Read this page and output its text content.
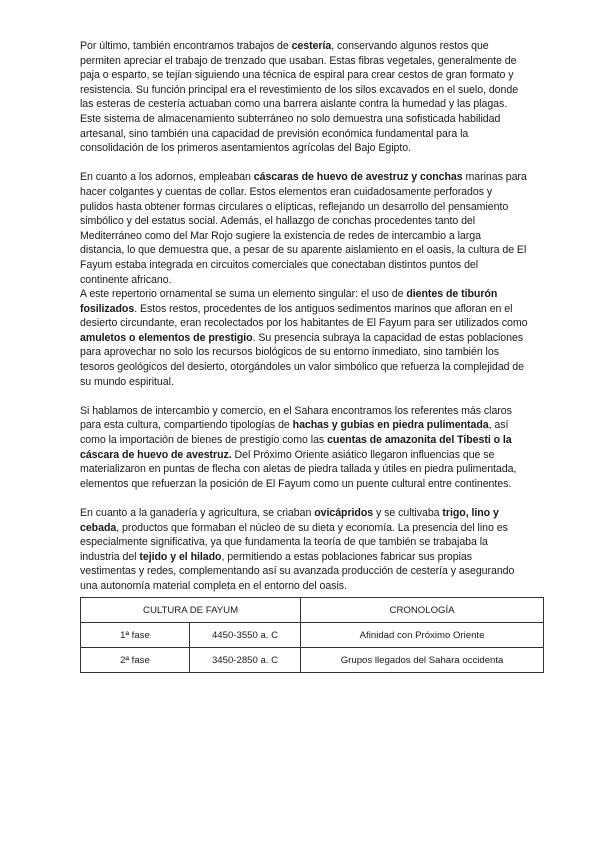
Por último, también encontramos trabajos de cestería, conservando algunos restos que permiten apreciar el trabajo de trenzado que usaban. Estas fibras vegetales, generalmente de paja o esparto, se tejían siguiendo una técnica de espiral para crear cestos de gran formato y resistencia. Su función principal era el revestimiento de los silos excavados en el suelo, donde las esteras de cestería actuaban como una barrera aislante contra la humedad y las plagas. Este sistema de almacenamiento subterráneo no solo demuestra una sofisticada habilidad artesanal, sino también una capacidad de previsión económica fundamental para la consolidación de los primeros asentamientos agrícolas del Bajo Egipto.

En cuanto a los adornos, empleaban cáscaras de huevo de avestruz y conchas marinas para hacer colgantes y cuentas de collar. Estos elementos eran cuidadosamente perforados y pulidos hasta obtener formas circulares o elípticas, reflejando un desarrollo del pensamiento simbólico y del estatus social. Además, el hallazgo de conchas procedentes tanto del Mediterráneo como del Mar Rojo sugiere la existencia de redes de intercambio a larga distancia, lo que demuestra que, a pesar de su aparente aislamiento en el oasis, la cultura de El Fayum estaba integrada en circuitos comerciales que conectaban distintos puntos del continente africano.

A este repertorio ornamental se suma un elemento singular: el uso de dientes de tiburón fosilizados. Estos restos, procedentes de los antiguos sedimentos marinos que afloran en el desierto circundante, eran recolectados por los habitantes de El Fayum para ser utilizados como amuletos o elementos de prestigio. Su presencia subraya la capacidad de estas poblaciones para aprovechar no solo los recursos biológicos de su entorno inmediato, sino también los tesoros geológicos del desierto, otorgándoles un valor simbólico que refuerza la complejidad de su mundo espiritual.

Si hablamos de intercambio y comercio, en el Sahara encontramos los referentes más claros para esta cultura, compartiendo tipologías de hachas y gubias en piedra pulimentada, así como la importación de bienes de prestigio como las cuentas de amazonita del Tibesti o la cáscara de huevo de avestruz. Del Próximo Oriente asiático llegaron influencias que se materializaron en puntas de flecha con aletas de piedra tallada y útiles en piedra pulimentada, elementos que refuerzan la posición de El Fayum como un puente cultural entre continentes.

En cuanto a la ganadería y agricultura, se criaban ovicápridos y se cultivaba trigo, lino y cebada, productos que formaban el núcleo de su dieta y economía. La presencia del lino es especialmente significativa, ya que fundamenta la teoría de que también se trabajaba la industria del tejido y el hilado, permitiendo a estas poblaciones fabricar sus propias vestimentas y redes, complementando así su avanzada producción de cestería y asegurando una autonomía material completa en el entorno del oasis.

CULTURA DE FAYUM		CRONOLOGÍA
1ª fase	4450-3550 a. C	Afinidad con Próximo Oriente
2ª fase	3450-2850 a. C	Grupos llegados del Sahara occidenta
